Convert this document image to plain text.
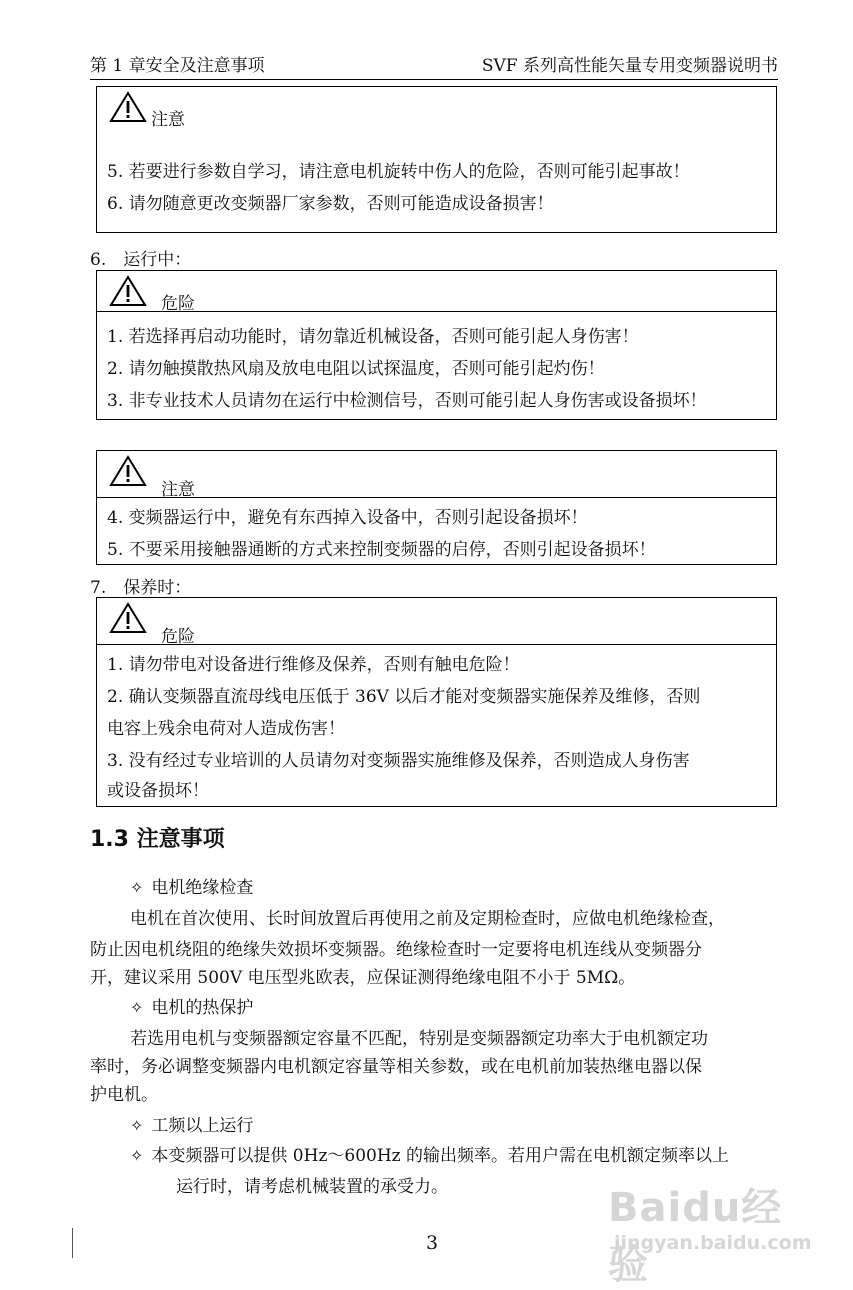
第 1 章安全及注意事项	SVF 系列高性能矢量专用变频器说明书
注意
5. 若要进行参数自学习，请注意电机旋转中伤人的危险，否则可能引起事故！
6. 请勿随意更改变频器厂家参数，否则可能造成设备损害！
6.　运行中：
危险
1. 若选择再启动功能时，请勿靠近机械设备，否则可能引起人身伤害！
2. 请勿触摸散热风扇及放电电阻以试探温度，否则可能引起灼伤！
3. 非专业技术人员请勿在运行中检测信号，否则可能引起人身伤害或设备损坏！
注意
4. 变频器运行中，避免有东西掉入设备中，否则引起设备损坏！
5. 不要采用接触器通断的方式来控制变频器的启停，否则引起设备损坏！
7.　保养时：
危险
1. 请勿带电对设备进行维修及保养，否则有触电危险！
2. 确认变频器直流母线电压低于 36V 以后才能对变频器实施保养及维修，否则
电容上残余电荷对人造成伤害！
3. 没有经过专业培训的人员请勿对变频器实施维修及保养，否则造成人身伤害
或设备损坏！
1.3 注意事项
✧ 电机绝缘检查
电机在首次使用、长时间放置后再使用之前及定期检查时，应做电机绝缘检查，
防止因电机绕阻的绝缘失效损坏变频器。绝缘检查时一定要将电机连线从变频器分
开，建议采用 500V 电压型兆欧表，应保证测得绝缘电阻不小于 5MΩ。
✧ 电机的热保护
若选用电机与变频器额定容量不匹配，特别是变频器额定功率大于电机额定功
率时，务必调整变频器内电机额定容量等相关参数，或在电机前加装热继电器以保
护电机。
✧ 工频以上运行
✧ 本变频器可以提供 0Hz～600Hz 的输出频率。若用户需在电机额定频率以上
运行时，请考虑机械装置的承受力。
3
Baidu经验
jingyan.baidu.com
